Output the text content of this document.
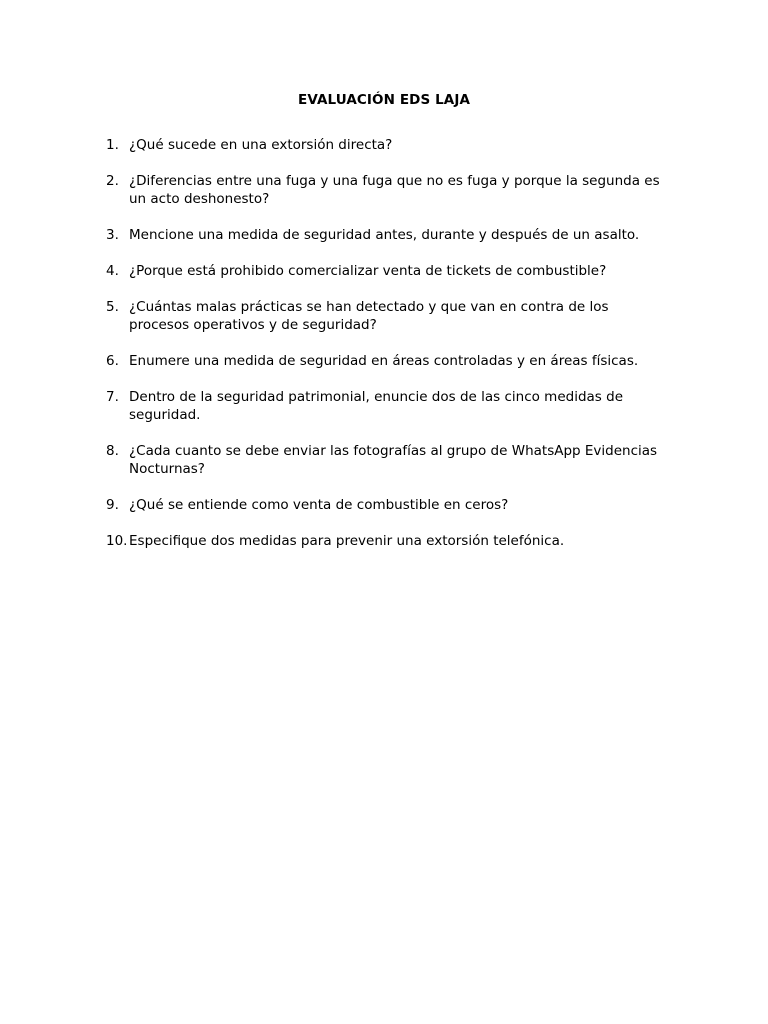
EVALUACIÓN EDS LAJA
1. ¿Qué sucede en una extorsión directa?
2. ¿Diferencias entre una fuga y una fuga que no es fuga y porque la segunda es un acto deshonesto?
3. Mencione una medida de seguridad antes, durante y después de un asalto.
4. ¿Porque está prohibido comercializar venta de tickets de combustible?
5. ¿Cuántas malas prácticas se han detectado y que van en contra de los procesos operativos y de seguridad?
6. Enumere una medida de seguridad en áreas controladas y en áreas físicas.
7. Dentro de la seguridad patrimonial, enuncie dos de las cinco medidas de seguridad.
8. ¿Cada cuanto se debe enviar las fotografías al grupo de WhatsApp Evidencias Nocturnas?
9. ¿Qué se entiende como venta de combustible en ceros?
10. Especifique dos medidas para prevenir una extorsión telefónica.
